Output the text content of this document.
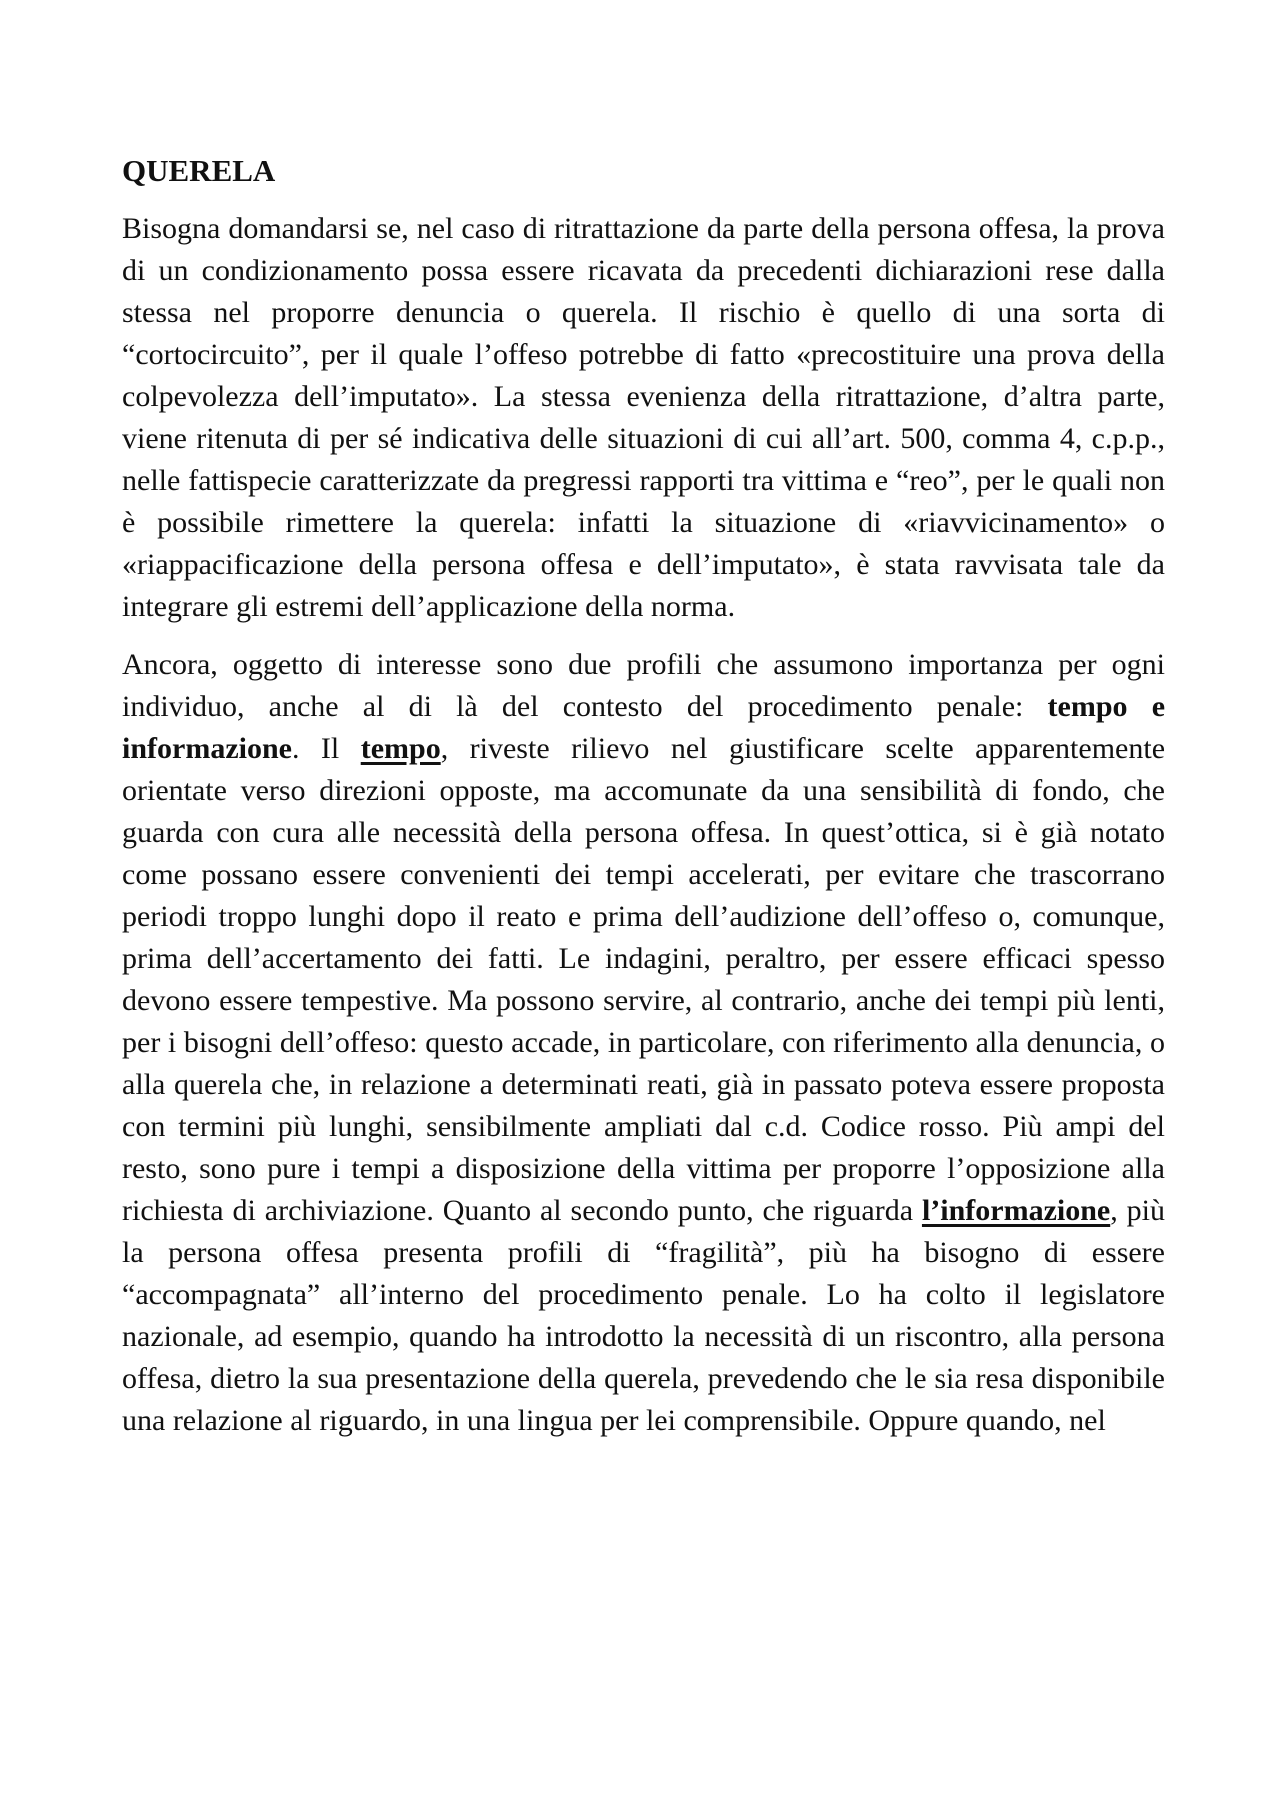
QUERELA

Bisogna domandarsi se, nel caso di ritrattazione da parte della persona offesa, la prova di un condizionamento possa essere ricavata da precedenti dichiarazioni rese dalla stessa nel proporre denuncia o querela. Il rischio è quello di una sorta di “cortocircuito”, per il quale l’offeso potrebbe di fatto «precostituire una prova della colpevolezza dell’imputato». La stessa evenienza della ritrattazione, d’altra parte, viene ritenuta di per sé indicativa delle situazioni di cui all’art. 500, comma 4, c.p.p., nelle fattispecie caratterizzate da pregressi rapporti tra vittima e “reo”, per le quali non è possibile rimettere la querela: infatti la situazione di «riavvicinamento» o «riappacificazione della persona offesa e dell’imputato», è stata ravvisata tale da integrare gli estremi dell’applicazione della norma.

Ancora, oggetto di interesse sono due profili che assumono importanza per ogni individuo, anche al di là del contesto del procedimento penale: tempo e informazione. Il tempo, riveste rilievo nel giustificare scelte apparentemente orientate verso direzioni opposte, ma accomunate da una sensibilità di fondo, che guarda con cura alle necessità della persona offesa. In quest’ottica, si è già notato come possano essere convenienti dei tempi accelerati, per evitare che trascorrano periodi troppo lunghi dopo il reato e prima dell’audizione dell’offeso o, comunque, prima dell’accertamento dei fatti. Le indagini, peraltro, per essere efficaci spesso devono essere tempestive. Ma possono servire, al contrario, anche dei tempi più lenti, per i bisogni dell’offeso: questo accade, in particolare, con riferimento alla denuncia, o alla querela che, in relazione a determinati reati, già in passato poteva essere proposta con termini più lunghi, sensibilmente ampliati dal c.d. Codice rosso. Più ampi del resto, sono pure i tempi a disposizione della vittima per proporre l’opposizione alla richiesta di archiviazione. Quanto al secondo punto, che riguarda l’informazione, più la persona offesa presenta profili di “fragilità”, più ha bisogno di essere “accompagnata” all’interno del procedimento penale. Lo ha colto il legislatore nazionale, ad esempio, quando ha introdotto la necessità di un riscontro, alla persona offesa, dietro la sua presentazione della querela, prevedendo che le sia resa disponibile una relazione al riguardo, in una lingua per lei comprensibile. Oppure quando, nel
